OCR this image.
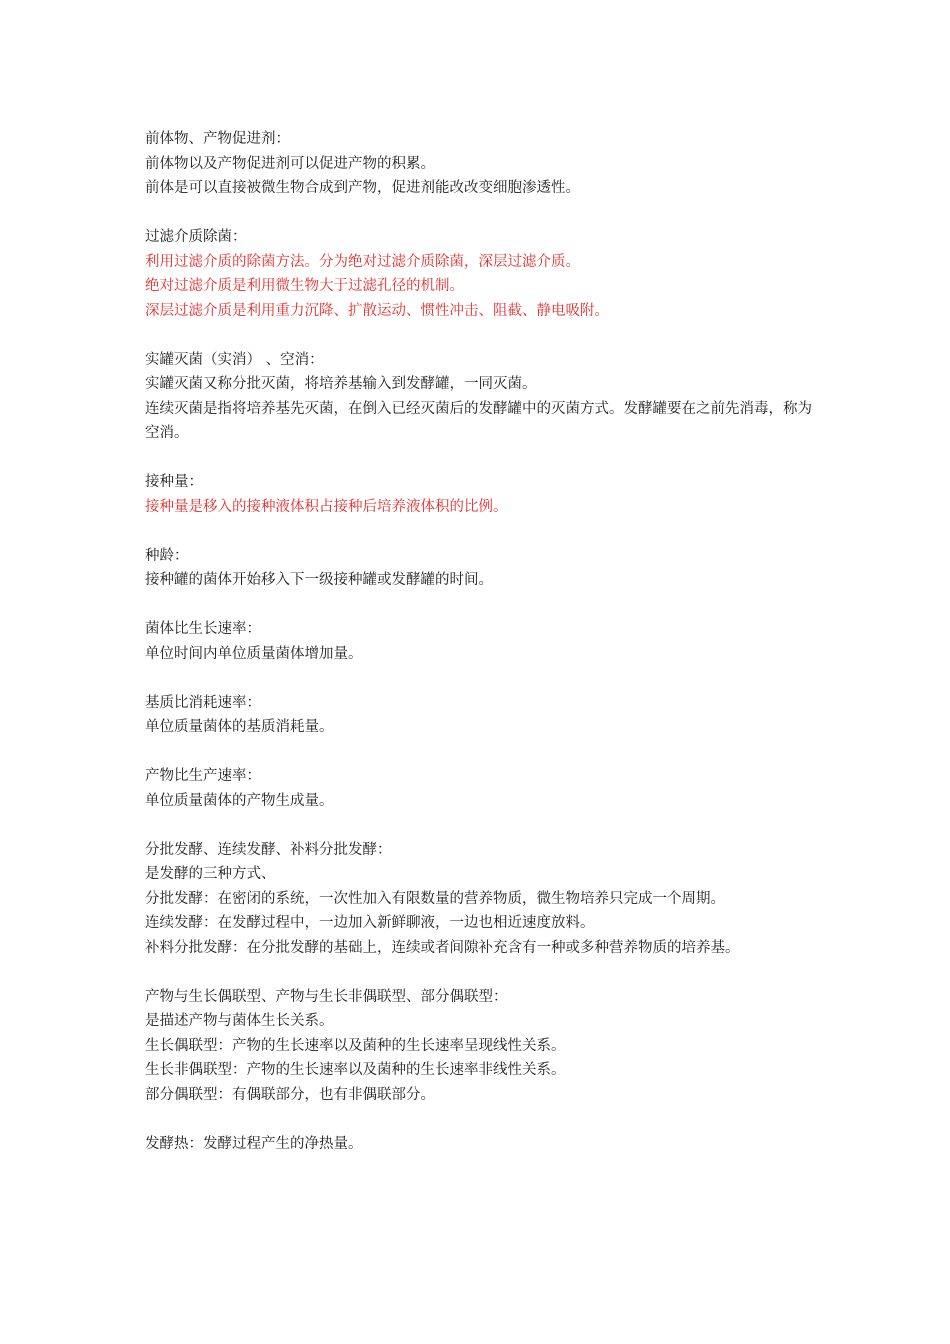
前体物、产物促进剂：

前体物以及产物促进剂可以促进产物的积累。

前体是可以直接被微生物合成到产物，促进剂能改改变细胞渗透性。

过滤介质除菌：

利用过滤介质的除菌方法。分为绝对过滤介质除菌，深层过滤介质。

绝对过滤介质是利用微生物大于过滤孔径的机制。

深层过滤介质是利用重力沉降、扩散运动、惯性冲击、阻截、静电吸附。

实罐灭菌（实消） 、空消：

实罐灭菌又称分批灭菌，将培养基输入到发酵罐，一同灭菌。

连续灭菌是指将培养基先灭菌，在倒入已经灭菌后的发酵罐中的灭菌方式。发酵罐要在之前先消毒，称为空消。

接种量：

接种量是移入的接种液体积占接种后培养液体积的比例。

种龄：

接种罐的菌体开始移入下一级接种罐或发酵罐的时间。

菌体比生长速率：

单位时间内单位质量菌体增加量。

基质比消耗速率：

单位质量菌体的基质消耗量。

产物比生产速率：

单位质量菌体的产物生成量。

分批发酵、连续发酵、补料分批发酵：

是发酵的三种方式、

分批发酵：在密闭的系统，一次性加入有限数量的营养物质，微生物培养只完成一个周期。

连续发酵：在发酵过程中，一边加入新鲜聊液，一边也相近速度放料。

补料分批发酵：在分批发酵的基础上，连续或者间隙补充含有一种或多种营养物质的培养基。

产物与生长偶联型、产物与生长非偶联型、部分偶联型：

是描述产物与菌体生长关系。

生长偶联型：产物的生长速率以及菌种的生长速率呈现线性关系。

生长非偶联型：产物的生长速率以及菌种的生长速率非线性关系。

部分偶联型：有偶联部分，也有非偶联部分。

发酵热：发酵过程产生的净热量。
